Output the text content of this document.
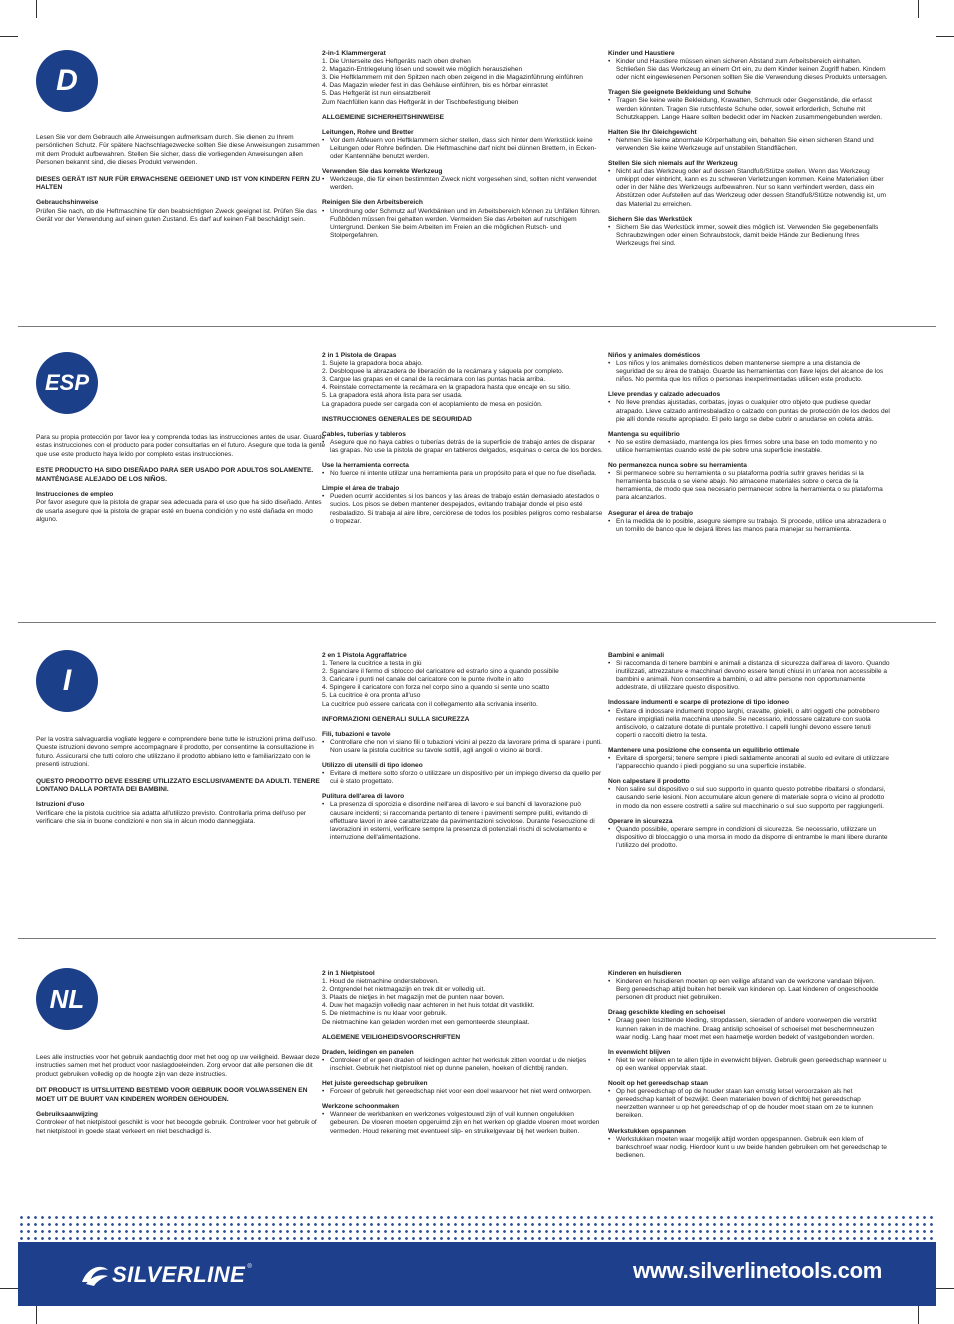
D

Lesen Sie vor dem Gebrauch alle Anweisungen aufmerksam durch. Sie dienen zu Ihrem persönlichen Schutz. Für spätere Nachschlagezwecke sollten Sie diese Anweisungen zusammen mit dem Produkt aufbewahren. Stellen Sie sicher, dass die vorliegenden Anweisungen allen Personen bekannt sind, die dieses Produkt verwenden.

DIESES GERÄT IST NUR FÜR ERWACHSENE GEEIGNET UND IST VON KINDERN FERN ZU HALTEN

Gebrauchshinweise

Prüfen Sie nach, ob die Heftmaschine für den beabsichtigten Zweck geeignet ist. Prüfen Sie das Gerät vor der Verwendung auf einen guten Zustand. Es darf auf keinen Fall beschädigt sein.

2-in-1 Klammergerat

1. Die Unterseite des Heftgeräts nach oben drehen
2. Magazin-Entriegelung lösen und soweit wie möglich herausziehen
3. Die Heftklammern mit den Spitzen nach oben zeigend in die Magazinführung einführen
4. Das Magazin wieder fest in das Gehäuse einführen, bis es hörbar einrastet
5. Das Heftgerät ist nun einsatzbereit

Zum Nachfüllen kann das Heftgerät in der Tischbefestigung bleiben

ALLGEMEINE SICHERHEITSHINWEISE

Leitungen, Rohre und Bretter

• Vor dem Abfeuern von Heftklammern sicher stellen, dass sich hinter dem Werkstück keine Leitungen oder Rohre befinden. Die Heftmaschine darf nicht bei dünnen Brettern, in Ecken- oder Kantennähe benutzt werden.

Verwenden Sie das korrekte Werkzeug

• Werkzeuge, die für einen bestimmten Zweck nicht vorgesehen sind, sollten nicht verwendet werden.

Reinigen Sie den Arbeitsbereich

• Unordnung oder Schmutz auf Werkbänken und im Arbeitsbereich können zu Unfällen führen. Fußböden müssen frei gehalten werden. Vermeiden Sie das Arbeiten auf rutschigem Untergrund. Denken Sie beim Arbeiten im Freien an die möglichen Rutsch- und Stolpergefahren.

Kinder und Haustiere

• Kinder und Haustiere müssen einen sicheren Abstand zum Arbeitsbereich einhalten. Schließen Sie das Werkzeug an einem Ort ein, zu dem Kinder keinen Zugriff haben. Kindern oder nicht eingewiesenen Personen sollten Sie die Verwendung dieses Produkts untersagen.

Tragen Sie geeignete Bekleidung und Schuhe

• Tragen Sie keine weite Bekleidung, Krawatten, Schmuck oder Gegenstände, die erfasst werden könnten. Tragen Sie rutschfeste Schuhe oder, soweit erforderlich, Schuhe mit Schutzkappen. Lange Haare sollten bedeckt oder im Nacken zusammengebunden werden.

Halten Sie Ihr Gleichgewicht

• Nehmen Sie keine abnormale Körperhaltung ein, behalten Sie einen sicheren Stand und verwenden Sie keine Werkzeuge auf unstabilen Standflächen.

Stellen Sie sich niemals auf Ihr Werkzeug

• Nicht auf das Werkzeug oder auf dessen Standfuß/Stütze stellen. Wenn das Werkzeug umkippt oder einbricht, kann es zu schweren Verletzungen kommen. Keine Materialien über oder in der Nähe des Werkzeugs aufbewahren. Nur so kann verhindert werden, dass ein Abstützen oder Aufstellen auf das Werkzeug oder dessen Standfuß/Stütze notwendig ist, um das Material zu erreichen.

Sichern Sie das Werkstück

• Sichern Sie das Werkstück immer, soweit dies möglich ist. Verwenden Sie gegebenenfalls Schraubzwingen oder einen Schraubstock, damit beide Hände zur Bedienung Ihres Werkzeugs frei sind.

ESP

Para su propia protección por favor lea y comprenda todas las instrucciones antes de usar. Guarde estas instrucciones con el producto para poder consultarlas en el futuro. Asegure que toda la gente que use este producto haya leído por completo estas instrucciones.

ESTE PRODUCTO HA SIDO DISEÑADO PARA SER USADO POR ADULTOS SOLAMENTE. MANTÉNGASE ALEJADO DE LOS NIÑOS.

Instrucciones de empleo

Por favor asegure que la pistola de grapar sea adecuada para el uso que ha sido diseñado. Antes de usarla asegure que la pistola de grapar esté en buena condición y no esté dañada en modo alguno.

2 in 1 Pistola de Grapas

1. Sujete la grapadora boca abajo.
2. Desbloquee la abrazadera de liberación de la recámara y sáquela por completo.
3. Cargue las grapas en el canal de la recámara con las puntas hacia arriba.
4. Reinstale correctamente la recámara en la grapadora hasta que encaje en su sitio.
5. La grapadora está ahora lista para ser usada.

La grapadora puede ser cargada con el acoplamiento de mesa en posición.

INSTRUCCIONES GENERALES DE SEGURIDAD

Cables, tuberías y tableros

• Asegure que no haya cables o tuberías detrás de la superficie de trabajo antes de disparar las grapas. No use la pistola de grapar en tableros delgados, esquinas o cerca de los bordes.

Use la herramienta correcta

• No fuerce ni intente utilizar una herramienta para un propósito para el que no fue diseñada.

Limpie el área de trabajo

• Pueden ocurrir accidentes si los bancos y las áreas de trabajo están demasiado atestados o sucios. Los pisos se deben mantener despejados, evitando trabajar donde el piso esté resbaladizo. Si trabaja al aire libre, cerciórese de todos los posibles peligros como resbalarse o tropezar.

Niños y animales domésticos

• Los niños y los animales domésticos deben mantenerse siempre a una distancia de seguridad de su área de trabajo. Guarde las herramientas con llave lejos del alcance de los niños. No permita que los niños o personas inexperimentadas utilicen este producto.

Lleve prendas y calzado adecuados

• No lleve prendas ajustadas, corbatas, joyas o cualquier otro objeto que pudiese quedar atrapado. Lleve calzado antirresbaladizo o calzado con puntas de protección de los dedos del pie allí donde resulte apropiado. El pelo largo se debe cubrir o anudarse en coleta atrás.

Mantenga su equilibrio

• No se estire demasiado, mantenga los pies firmes sobre una base en todo momento y no utilice herramientas cuando esté de pie sobre una superficie inestable.

No permanezca nunca sobre su herramienta

• Si permanece sobre su herramienta o su plataforma podría sufrir graves heridas si la herramienta bascula o se viene abajo. No almacene materiales sobre o cerca de la herramienta, de modo que sea necesario permanecer sobre la herramienta o su plataforma para alcanzarlos.

Asegurar el área de trabajo

• En la medida de lo posible, asegure siempre su trabajo. Si procede, utilice una abrazadera o un tornillo de banco que le dejará libres las manos para manejar su herramienta.

I

Per la vostra salvaguardia vogliate leggere e comprendere bene tutte le istruzioni prima dell'uso. Queste istruzioni devono sempre accompagnare il prodotto, per consentirne la consultazione in futuro. Assicurarsi che tutti coloro che utilizzano il prodotto abbiano letto e familiarizzato con le presenti istruzioni.

QUESTO PRODOTTO DEVE ESSERE UTILIZZATO ESCLUSIVAMENTE DA ADULTI. TENERE LONTANO DALLA PORTATA DEI BAMBINI.

Istruzioni d'uso

Verificare che la pistola cucitrice sia adatta all'utilizzo previsto. Controllarla prima dell'uso per verificare che sia in buone condizioni e non sia in alcun modo danneggiata.

2 en 1 Pistola Aggraffatrice

1. Tenere la cucitrice a testa in giù
2. Sganciare il fermo di sblocco del caricatore ed estrarlo sino a quando possibile
3. Caricare i punti nel canale del caricatore con le punte rivolte in alto
4. Spingere il caricatore con forza nel corpo sino a quando si sente uno scatto
5. La cucitrice è ora pronta all'uso

La cucitrice può essere caricata con il collegamento alla scrivania inserito.

INFORMAZIONI GENERALI SULLA SICUREZZA

Fili, tubazioni e tavole

• Controllare che non vi siano fili o tubazioni vicini al pezzo da lavorare prima di sparare i punti. Non usare la pistola cucitrice su tavole sottili, agli angoli o vicino ai bordi.

Utilizzo di utensili di tipo idoneo

• Evitare di mettere sotto sforzo o utilizzare un dispositivo per un impiego diverso da quello per cui è stato progettato.

Pulitura dell'area di lavoro

• La presenza di sporcizia e disordine nell'area di lavoro e sui banchi di lavorazione può causare incidenti; si raccomanda pertanto di tenere i pavimenti sempre puliti, evitando di effettuare lavori in aree caratterizzate da pavimentazioni scivolose. Durante l'esecuzione di lavorazioni in esterni, verificare sempre la presenza di potenziali rischi di scivolamento e interruzione dell'alimentazione.

Bambini e animali

• Si raccomanda di tenere bambini e animali a distanza di sicurezza dall'area di lavoro. Quando inutilizzati, attrezzature e macchinari devono essere tenuti chiusi in un'area non accessibile a bambini e animali. Non consentire a bambini, o ad altre persone non opportunamente addestrate, di utilizzare questo dispositivo.

Indossare indumenti e scarpe di protezione di tipo idoneo

• Evitare di indossare indumenti troppo larghi, cravatte, gioielli, o altri oggetti che potrebbero restare impigliati nella macchina utensile. Se necessario, indossare calzature con suola antiscivolo, o calzature dotate di puntale protettivo. I capelli lunghi devono essere tenuti coperti o raccolti dietro la testa.

Mantenere una posizione che consenta un equilibrio ottimale

• Evitare di sporgersi; tenere sempre i piedi saldamente ancorati al suolo ed evitare di utilizzare l'apparecchio quando i piedi poggiano su una superficie instabile.

Non calpestare il prodotto

• Non salire sul dispositivo o sul suo supporto in quanto questo potrebbe ribaltarsi o sfondarsi, causando serie lesioni. Non accumulare alcun genere di materiale sopra o vicino al prodotto in modo da non essere costretti a salire sul macchinario o sul suo supporto per raggiungerli.

Operare in sicurezza

• Quando possibile, operare sempre in condizioni di sicurezza. Se necessario, utilizzare un dispositivo di bloccaggio o una morsa in modo da disporre di entrambe le mani libere durante l'utilizzo del prodotto.

NL

Lees alle instructies voor het gebruik aandachtig door met het oog op uw veiligheid. Bewaar deze instructies samen met het product voor naslagdoeleinden. Zorg ervoor dat alle personen die dit product gebruiken volledig op de hoogte zijn van deze instructies.

DIT PRODUCT IS UITSLUITEND BESTEMD VOOR GEBRUIK DOOR VOLWASSENEN EN MOET UIT DE BUURT VAN KINDEREN WORDEN GEHOUDEN.

Gebruiksaanwijzing

Controleer of het nietpistool geschikt is voor het beoogde gebruik. Controleer voor het gebruik of het nietpistool in goede staat verkeert en niet beschadigd is.

2 in 1 Nietpistool

1. Houd de nietmachine ondersteboven.
2. Ontgrendel het nietmagazijn en trek dit er volledig uit.
3. Plaats de nietjes in het magazijn met de punten naar boven.
4. Duw het magazijn volledig naar achteren in het huis totdat dit vastklikt.
5. De nietmachine is nu klaar voor gebruik.

De nietmachine kan geladen worden met een gemonteerde steunplaat.

ALGEMENE VEILIGHEIDSVOORSCHRIFTEN

Draden, leidingen en panelen

• Controleer of er geen draden of leidingen achter het werkstuk zitten voordat u de nietjes inschiet. Gebruik het nietpistool niet op dunne panelen, hoeken of dichtbij randen.

Het juiste gereedschap gebruiken

• Forceer of gebruik het gereedschap niet voor een doel waarvoor het niet werd ontworpen.

Werkzone schoonmaken

• Wanneer de werkbanken en werkzones volgestouwd zijn of vuil kunnen ongelukken gebeuren. De vloeren moeten opgeruimd zijn en het werken op gladde vloeren moet worden vermeden. Houd rekening met eventueel slip- en struikelgevaar bij het werken buiten.

Kinderen en huisdieren

• Kinderen en huisdieren moeten op een veilige afstand van de werkzone vandaan blijven. Berg gereedschap altijd buiten het bereik van kinderen op. Laat kinderen of ongeschoolde personen dit product niet gebruiken.

Draag geschikte kleding en schoeisel

• Draag geen loszittende kleding, stropdassen, sieraden of andere voorwerpen die verstrikt kunnen raken in de machine. Draag antislip schoeisel of schoeisel met beschermneuzen waar nodig. Lang haar moet met een haarnetje worden bedekt of vastgebonden worden.

In evenwicht blijven

• Niet te ver reiken en te allen tijde in evenwicht blijven. Gebruik geen gereedschap wanneer u op een wankel oppervlak staat.

Nooit op het gereedschap staan

• Op het gereedschap of op de houder staan kan ernstig letsel veroorzaken als het gereedschap kantelt of bezwijkt. Geen materialen boven of dichtbij het gereedschap neerzetten wanneer u op het gereedschap of op de houder moet staan om ze te kunnen bereiken.

Werkstukken opspannen

• Werkstukken moeten waar mogelijk altijd worden opgespannen. Gebruik een klem of bankschroef waar nodig. Hierdoor kunt u uw beide handen gebruiken om het gereedschap te bedienen.

SILVERLINE ®	www.silverlinetools.com
